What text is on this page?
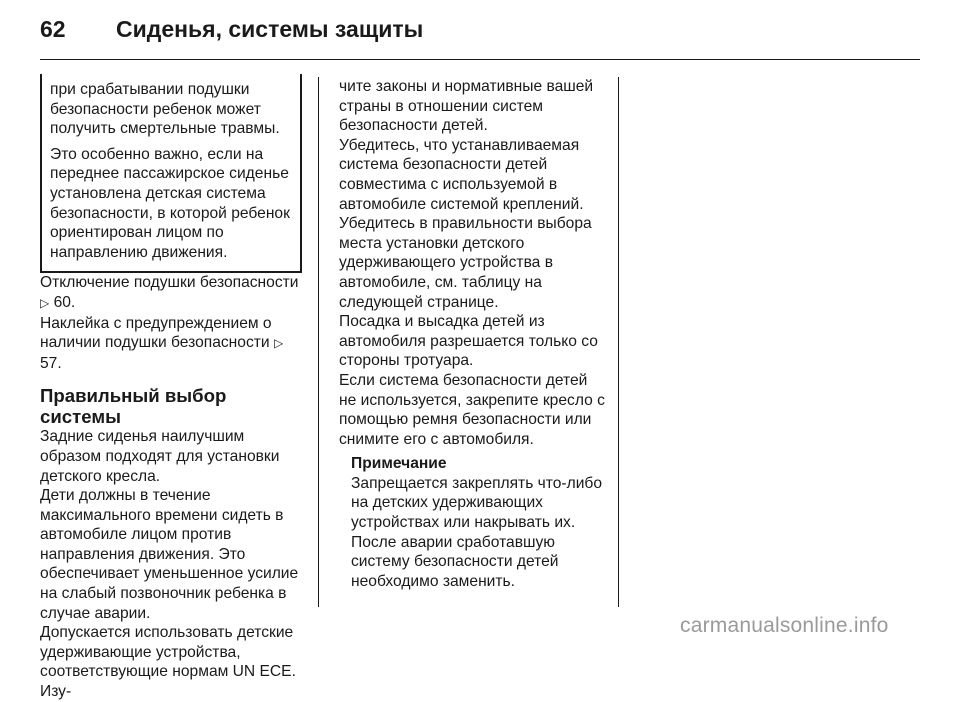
62 Сиденья, системы защиты

при срабатывании подушки безопасности ребенок может получить смертельные травмы.

Это особенно важно, если на переднее пассажирское сиденье установлена детская система безопасности, в которой ребенок ориентирован лицом по направлению движения.

Отключение подушки безопасности ▷ 60.

Наклейка с предупреждением о наличии подушки безопасности ▷ 57.

Правильный выбор системы

Задние сиденья наилучшим образом подходят для установки детского кресла.

Дети должны в течение максимального времени сидеть в автомобиле лицом против направления движения. Это обеспечивает уменьшенное усилие на слабый позвоночник ребенка в случае аварии.

Допускается использовать детские удерживающие устройства, соответствующие нормам UN ECE. Изу-

чите законы и нормативные вашей страны в отношении систем безопасности детей.

Убедитесь, что устанавливаемая система безопасности детей совместима с используемой в автомобиле системой креплений.

Убедитесь в правильности выбора места установки детского удерживающего устройства в автомобиле, см. таблицу на следующей странице.

Посадка и высадка детей из автомобиля разрешается только со стороны тротуара.

Если система безопасности детей не используется, закрепите кресло с помощью ремня безопасности или снимите его с автомобиля.

Примечание

Запрещается закреплять что-либо на детских удерживающих устройствах или накрывать их.

После аварии сработавшую систему безопасности детей необходимо заменить.

carmanualsonline.info
